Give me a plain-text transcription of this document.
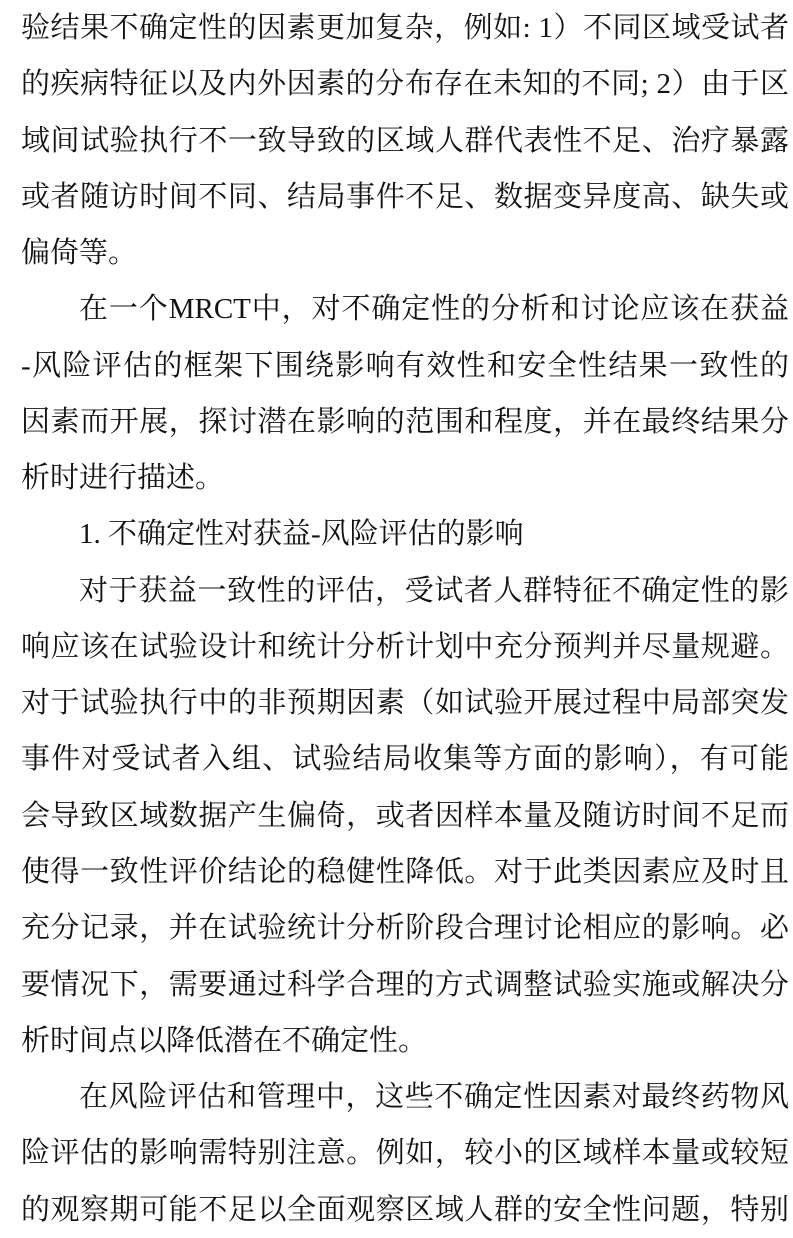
验结果不确定性的因素更加复杂，例如: 1）不同区域受试者
的疾病特征以及内外因素的分布存在未知的不同; 2）由于区
域间试验执行不一致导致的区域人群代表性不足、治疗暴露
或者随访时间不同、结局事件不足、数据变异度高、缺失或
偏倚等。
在一个MRCT中，对不确定性的分析和讨论应该在获益
-风险评估的框架下围绕影响有效性和安全性结果一致性的
因素而开展，探讨潜在影响的范围和程度，并在最终结果分
析时进行描述。
1. 不确定性对获益-风险评估的影响
对于获益一致性的评估，受试者人群特征不确定性的影
响应该在试验设计和统计分析计划中充分预判并尽量规避。
对于试验执行中的非预期因素（如试验开展过程中局部突发
事件对受试者入组、试验结局收集等方面的影响），有可能
会导致区域数据产生偏倚，或者因样本量及随访时间不足而
使得一致性评价结论的稳健性降低。对于此类因素应及时且
充分记录，并在试验统计分析阶段合理讨论相应的影响。必
要情况下，需要通过科学合理的方式调整试验实施或解决分
析时间点以降低潜在不确定性。
在风险评估和管理中，这些不确定性因素对最终药物风
险评估的影响需特别注意。例如，较小的区域样本量或较短
的观察期可能不足以全面观察区域人群的安全性问题，特别
